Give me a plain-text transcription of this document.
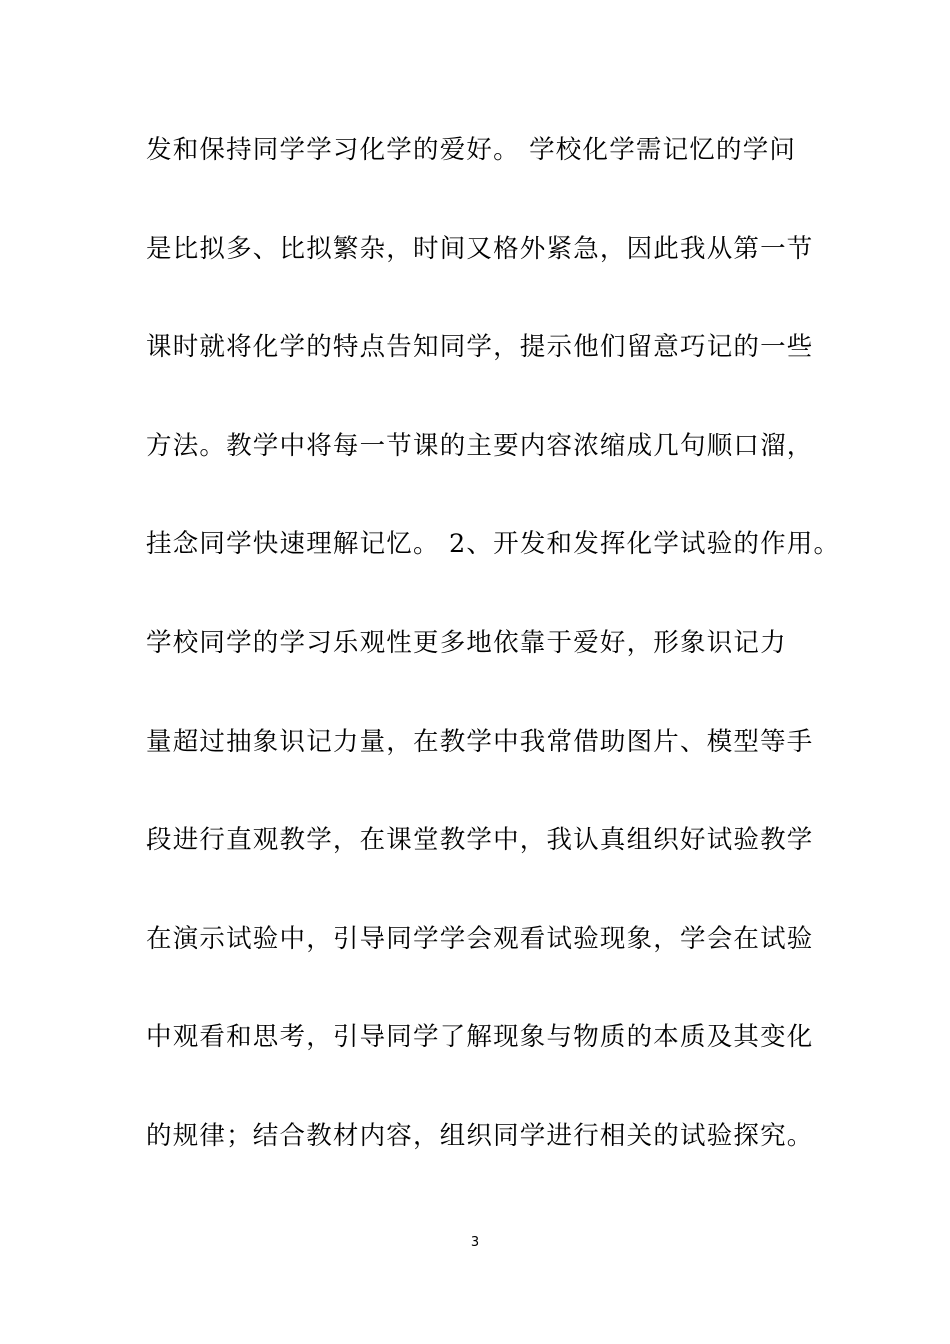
发和保持同学学习化学的爱好。 学校化学需记忆的学问
是比拟多、比拟繁杂，时间又格外紧急，因此我从第一节
课时就将化学的特点告知同学，提示他们留意巧记的一些
方法。教学中将每一节课的主要内容浓缩成几句顺口溜，
挂念同学快速理解记忆。 2、开发和发挥化学试验的作用。
学校同学的学习乐观性更多地依靠于爱好，形象识记力
量超过抽象识记力量，在教学中我常借助图片、模型等手
段进行直观教学，在课堂教学中，我认真组织好试验教学
在演示试验中，引导同学学会观看试验现象，学会在试验
中观看和思考，引导同学了解现象与物质的本质及其变化
的规律；结合教材内容，组织同学进行相关的试验探究。
3
